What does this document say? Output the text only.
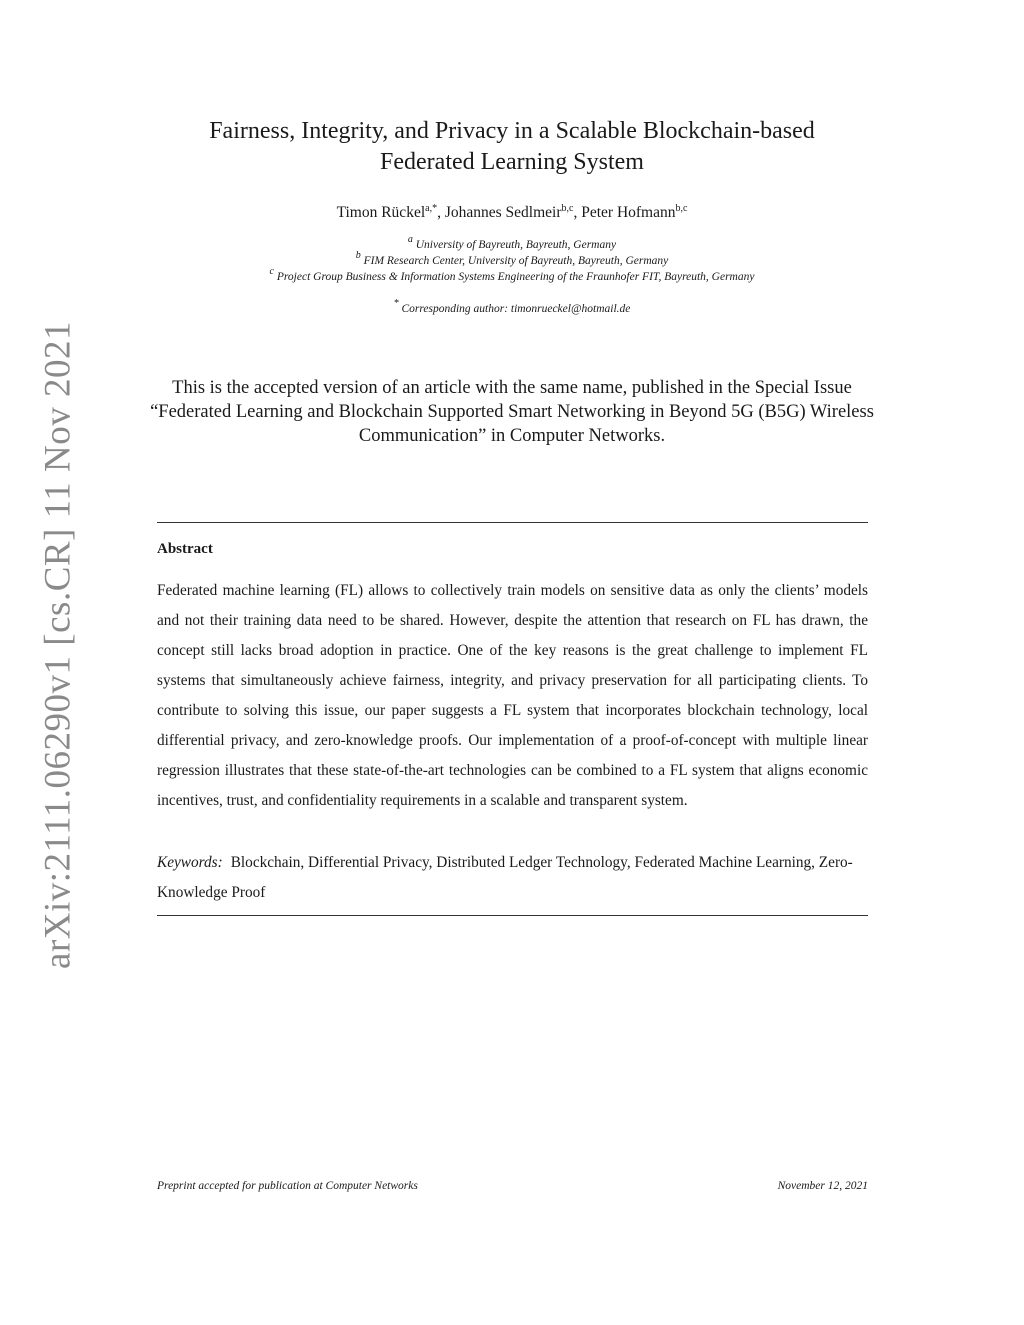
arXiv:2111.06290v1 [cs.CR] 11 Nov 2021
Fairness, Integrity, and Privacy in a Scalable Blockchain-based
Federated Learning System
Timon Rückel$^{a,*}$, Johannes Sedlmeir$^{b,c}$, Peter Hofmann$^{b,c}$
$^a$ University of Bayreuth, Bayreuth, Germany
$^b$ FIM Research Center, University of Bayreuth, Bayreuth, Germany
$^c$ Project Group Business & Information Systems Engineering of the Fraunhofer FIT, Bayreuth, Germany
* Corresponding author: timonrueckel@hotmail.de
This is the accepted version of an article with the same name, published in the Special Issue “Federated Learning and Blockchain Supported Smart Networking in Beyond 5G (B5G) Wireless Communication” in Computer Networks.
Abstract
Federated machine learning (FL) allows to collectively train models on sensitive data as only the clients’ models and not their training data need to be shared. However, despite the attention that research on FL has drawn, the concept still lacks broad adoption in practice. One of the key reasons is the great challenge to implement FL systems that simultaneously achieve fairness, integrity, and privacy preservation for all participating clients. To contribute to solving this issue, our paper suggests a FL system that incorporates blockchain technology, local differential privacy, and zero-knowledge proofs. Our implementation of a proof-of-concept with multiple linear regression illustrates that these state-of-the-art technologies can be combined to a FL system that aligns economic incentives, trust, and confidentiality requirements in a scalable and transparent system.
Keywords: Blockchain, Differential Privacy, Distributed Ledger Technology, Federated Machine Learning, Zero-Knowledge Proof
Preprint accepted for publication at Computer Networks	November 12, 2021
